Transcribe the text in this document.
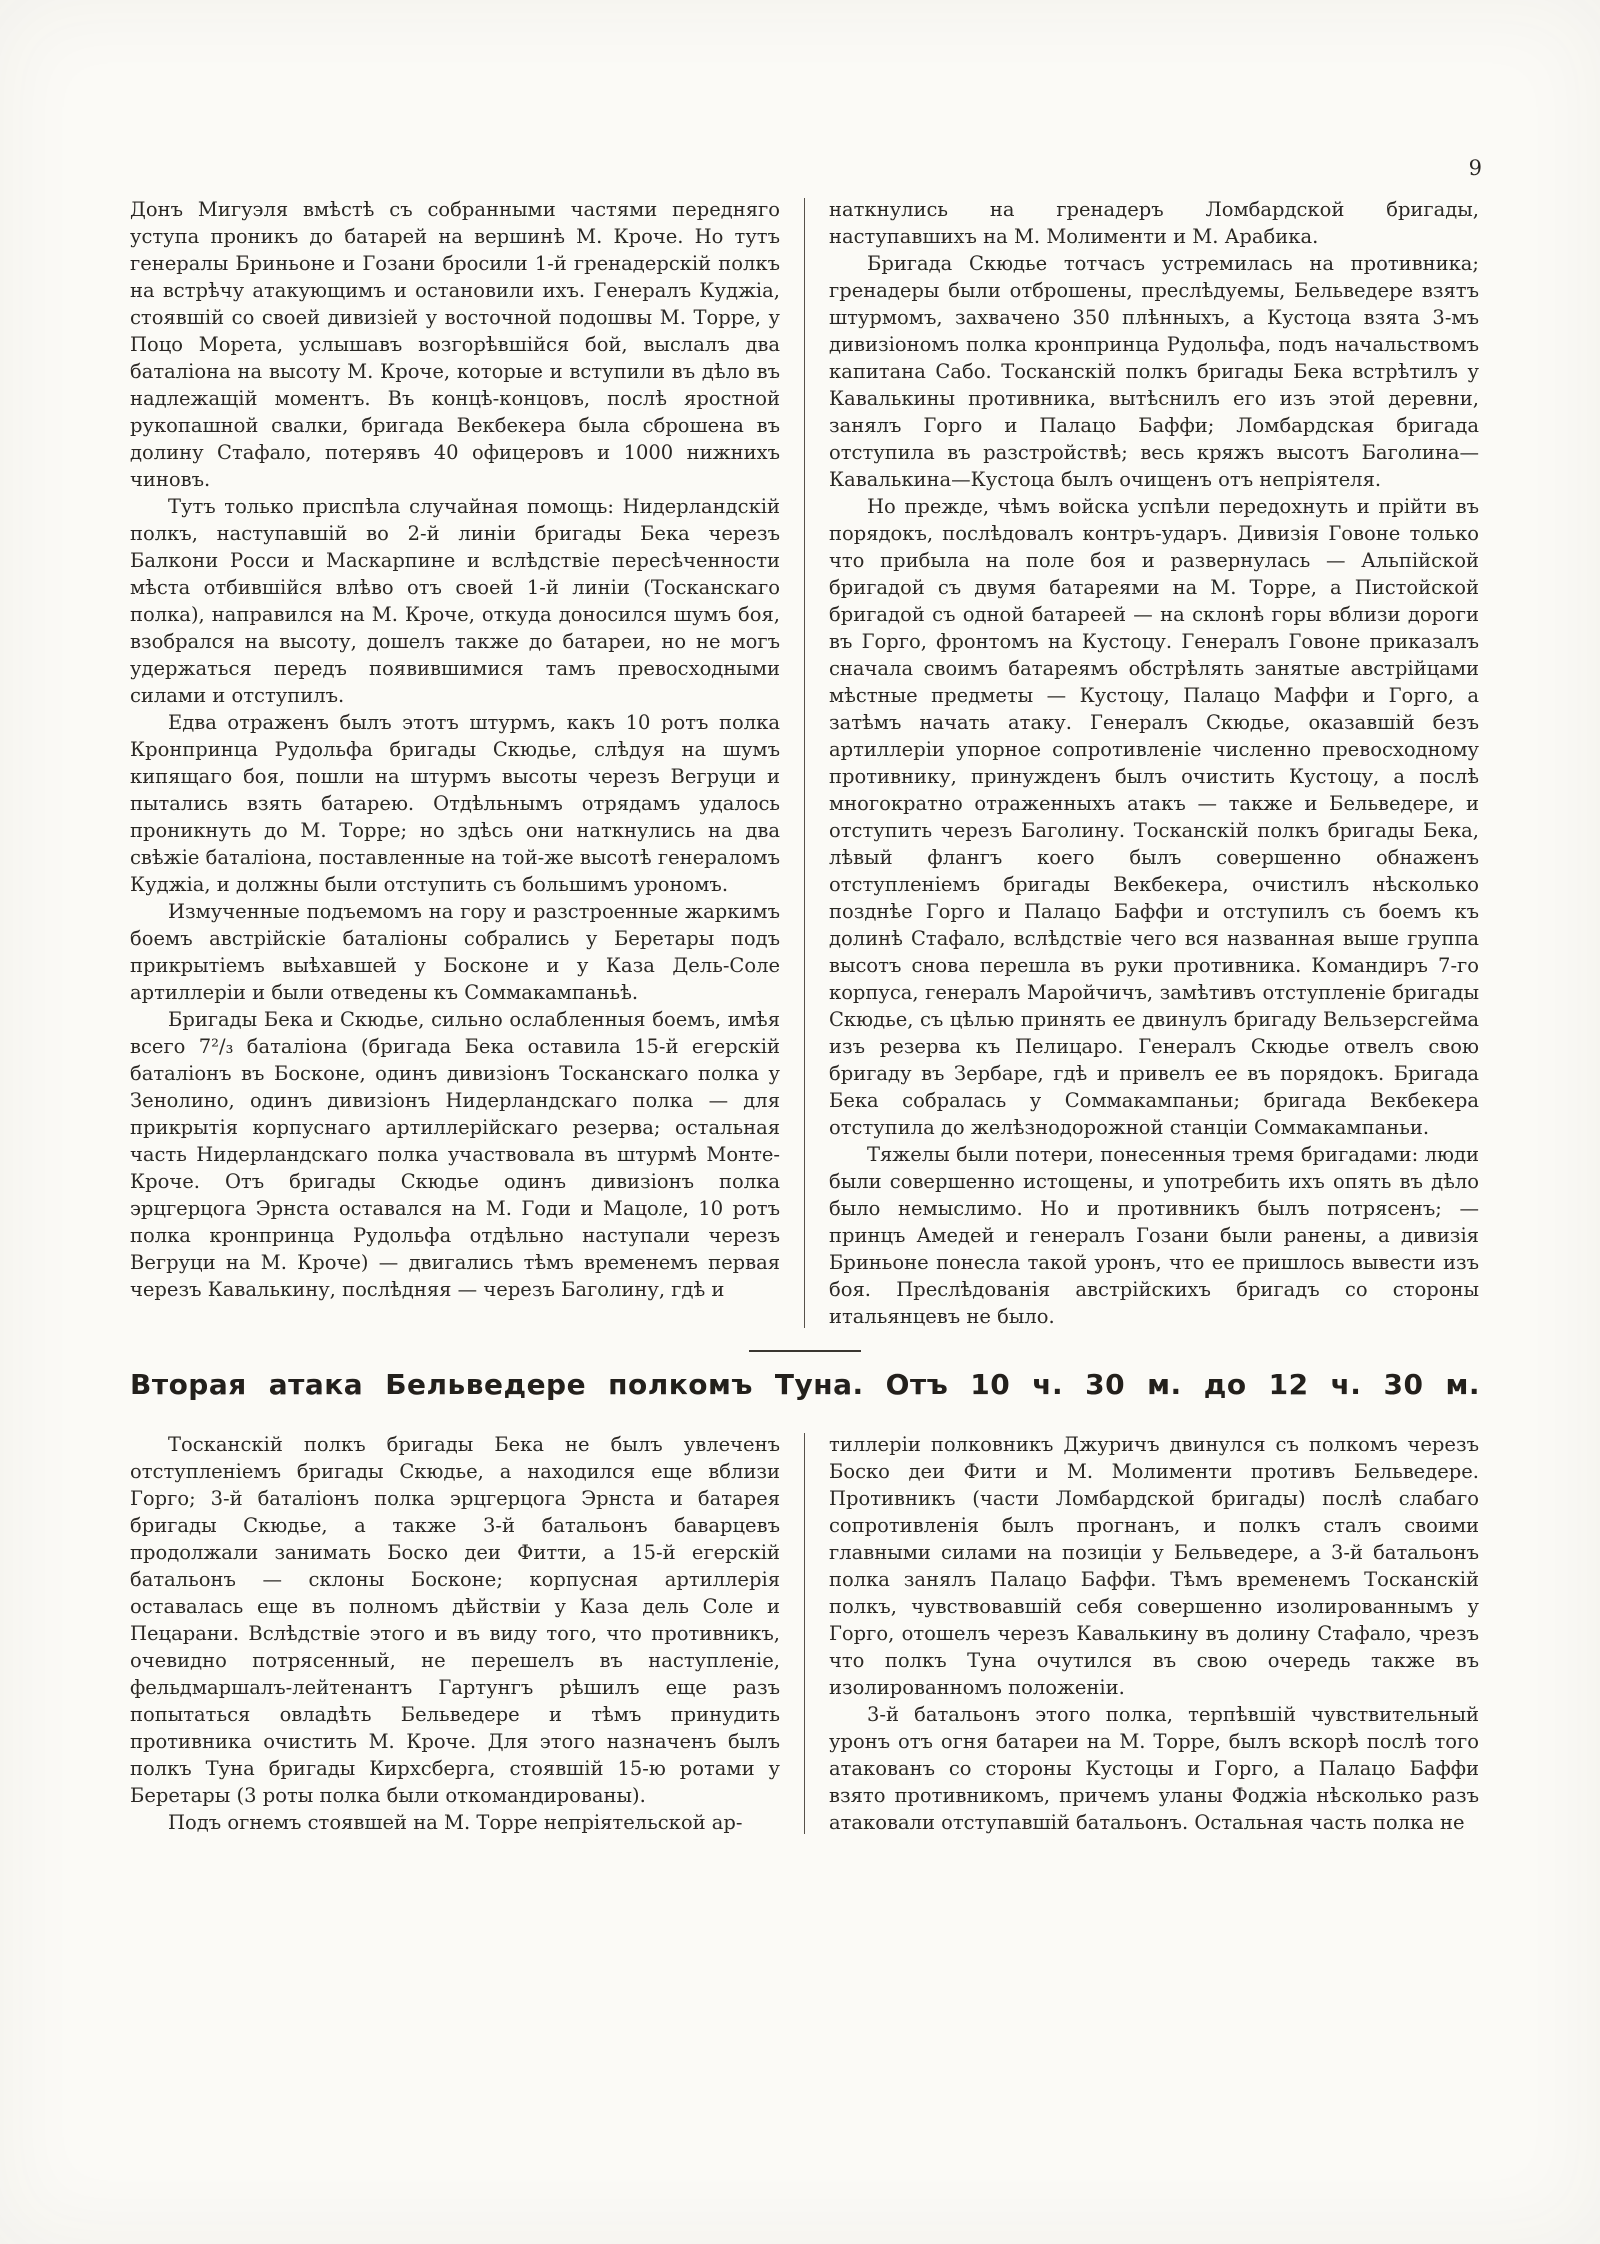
9

Донъ Мигуэля вмѣстѣ съ собранными частями передняго уступа проникъ до батарей на вершинѣ М. Кроче. Но тутъ генералы Бриньоне и Гозани бросили 1-й гренадерскій полкъ на встрѣчу атакующимъ и остановили ихъ. Генералъ Куджіа, стоявшій со своей дивизіей у восточной подошвы М. Торре, у Поцо Морета, услышавъ возгорѣвшійся бой, выслалъ два баталіона на высоту М. Кроче, которые и вступили въ дѣло въ надлежащій моментъ. Въ концѣ-концовъ, послѣ яростной рукопашной свалки, бригада Векбекера была сброшена въ долину Стафало, потерявъ 40 офицеровъ и 1000 нижнихъ чиновъ.

Тутъ только приспѣла случайная помощь: Нидерландскій полкъ, наступавшій во 2-й линіи бригады Бека черезъ Балкони Росси и Маскарпине и вслѣдствіе пересѣченности мѣста отбившійся влѣво отъ своей 1-й линіи (Тосканскаго полка), направился на М. Кроче, откуда доносился шумъ боя, взобрался на высоту, дошелъ также до батареи, но не могъ удержаться передъ появившимися тамъ превосходными силами и отступилъ.

Едва отраженъ былъ этотъ штурмъ, какъ 10 ротъ полка Кронпринца Рудольфа бригады Скюдье, слѣдуя на шумъ кипящаго боя, пошли на штурмъ высоты черезъ Вегруци и пытались взять батарею. Отдѣльнымъ отрядамъ удалось проникнуть до М. Торре; но здѣсь они наткнулись на два свѣжіе баталіона, поставленные на той-же высотѣ генераломъ Куджіа, и должны были отступить съ большимъ урономъ.

Измученные подъемомъ на гору и разстроенные жаркимъ боемъ австрійскіе баталіоны собрались у Беретары подъ прикрытіемъ выѣхавшей у Босконе и у Каза Дель-Соле артиллеріи и были отведены къ Соммакампаньѣ.

Бригады Бека и Скюдье, сильно ослабленныя боемъ, имѣя всего 7²/₃ баталіона (бригада Бека оставила 15-й егерскій баталіонъ въ Босконе, одинъ дивизіонъ Тосканскаго полка у Зенолино, одинъ дивизіонъ Нидерландскаго полка — для прикрытія корпуснаго артиллерійскаго резерва; остальная часть Нидерландскаго полка участвовала въ штурмѣ Монте-Кроче. Отъ бригады Скюдье одинъ дивизіонъ полка эрцгерцога Эрнста оставался на М. Годи и Мацоле, 10 ротъ полка кронпринца Рудольфа отдѣльно наступали черезъ Вегруци на М. Кроче) — двигались тѣмъ временемъ первая черезъ Кавалькину, послѣдняя — черезъ Баголину, гдѣ и

наткнулись на гренадеръ Ломбардской бригады, наступавшихъ на М. Молименти и М. Арабика.

Бригада Скюдье тотчасъ устремилась на противника; гренадеры были отброшены, преслѣдуемы, Бельведере взятъ штурмомъ, захвачено 350 плѣнныхъ, а Кустоца взята 3-мъ дивизіономъ полка кронпринца Рудольфа, подъ начальствомъ капитана Сабо. Тосканскій полкъ бригады Бека встрѣтилъ у Кавалькины противника, вытѣснилъ его изъ этой деревни, занялъ Горго и Палацо Баффи; Ломбардская бригада отступила въ разстройствѣ; весь кряжъ высотъ Баголина—Кавалькина—Кустоца былъ очищенъ отъ непріятеля.

Но прежде, чѣмъ войска успѣли передохнуть и прійти въ порядокъ, послѣдовалъ контръ-ударъ. Дивизія Говоне только что прибыла на поле боя и развернулась — Альпійской бригадой съ двумя батареями на М. Торре, а Пистойской бригадой съ одной батареей — на склонѣ горы вблизи дороги въ Горго, фронтомъ на Кустоцу. Генералъ Говоне приказалъ сначала своимъ батареямъ обстрѣлять занятые австрійцами мѣстные предметы — Кустоцу, Палацо Маффи и Горго, а затѣмъ начать атаку. Генералъ Скюдье, оказавшій безъ артиллеріи упорное сопротивленіе численно превосходному противнику, принужденъ былъ очистить Кустоцу, а послѣ многократно отраженныхъ атакъ — также и Бельведере, и отступить черезъ Баголину. Тосканскій полкъ бригады Бека, лѣвый флангъ коего былъ совершенно обнаженъ отступленіемъ бригады Векбекера, очистилъ нѣсколько позднѣе Горго и Палацо Баффи и отступилъ съ боемъ къ долинѣ Стафало, вслѣдствіе чего вся названная выше группа высотъ снова перешла въ руки противника. Командиръ 7-го корпуса, генералъ Маройчичъ, замѣтивъ отступленіе бригады Скюдье, съ цѣлью принять ее двинулъ бригаду Вельзерсгейма изъ резерва къ Пелицаро. Генералъ Скюдье отвелъ свою бригаду въ Зербаре, гдѣ и привелъ ее въ порядокъ. Бригада Бека собралась у Соммакампаньи; бригада Векбекера отступила до желѣзнодорожной станціи Соммакампаньи.

Тяжелы были потери, понесенныя тремя бригадами: люди были совершенно истощены, и употребить ихъ опять въ дѣло было немыслимо. Но и противникъ былъ потрясенъ; — принцъ Амедей и генералъ Гозани были ранены, а дивизія Бриньоне понесла такой уронъ, что ее пришлось вывести изъ боя. Преслѣдованія австрійскихъ бригадъ со стороны итальянцевъ не было.

Вторая атака Бельведере полкомъ Туна. Отъ 10 ч. 30 м. до 12 ч. 30 м.

Тосканскій полкъ бригады Бека не былъ увлеченъ отступленіемъ бригады Скюдье, а находился еще вблизи Горго; 3-й баталіонъ полка эрцгерцога Эрнста и батарея бригады Скюдье, а также 3-й батальонъ баварцевъ продолжали занимать Боско деи Фитти, а 15-й егерскій батальонъ — склоны Босконе; корпусная артиллерія оставалась еще въ полномъ дѣйствіи у Каза дель Соле и Пецарани. Вслѣдствіе этого и въ виду того, что противникъ, очевидно потрясенный, не перешелъ въ наступленіе, фельдмаршалъ-лейтенантъ Гартунгъ рѣшилъ еще разъ попытаться овладѣть Бельведере и тѣмъ принудить противника очистить М. Кроче. Для этого назначенъ былъ полкъ Туна бригады Кирхсберга, стоявшій 15-ю ротами у Беретары (3 роты полка были откомандированы).

Подъ огнемъ стоявшей на М. Торре непріятельской ар-

тиллеріи полковникъ Джуричъ двинулся съ полкомъ черезъ Боско деи Фити и М. Молименти противъ Бельведере. Противникъ (части Ломбардской бригады) послѣ слабаго сопротивленія былъ прогнанъ, и полкъ сталъ своими главными силами на позиціи у Бельведере, а 3-й батальонъ полка занялъ Палацо Баффи. Тѣмъ временемъ Тосканскій полкъ, чувствовавшій себя совершенно изолированнымъ у Горго, отошелъ черезъ Кавалькину въ долину Стафало, чрезъ что полкъ Туна очутился въ свою очередь также въ изолированномъ положеніи.

3-й батальонъ этого полка, терпѣвшій чувствительный уронъ отъ огня батареи на М. Торре, былъ вскорѣ послѣ того атакованъ со стороны Кустоцы и Горго, а Палацо Баффи взято противникомъ, причемъ уланы Фоджіа нѣсколько разъ атаковали отступавшій батальонъ. Остальная часть полка не
